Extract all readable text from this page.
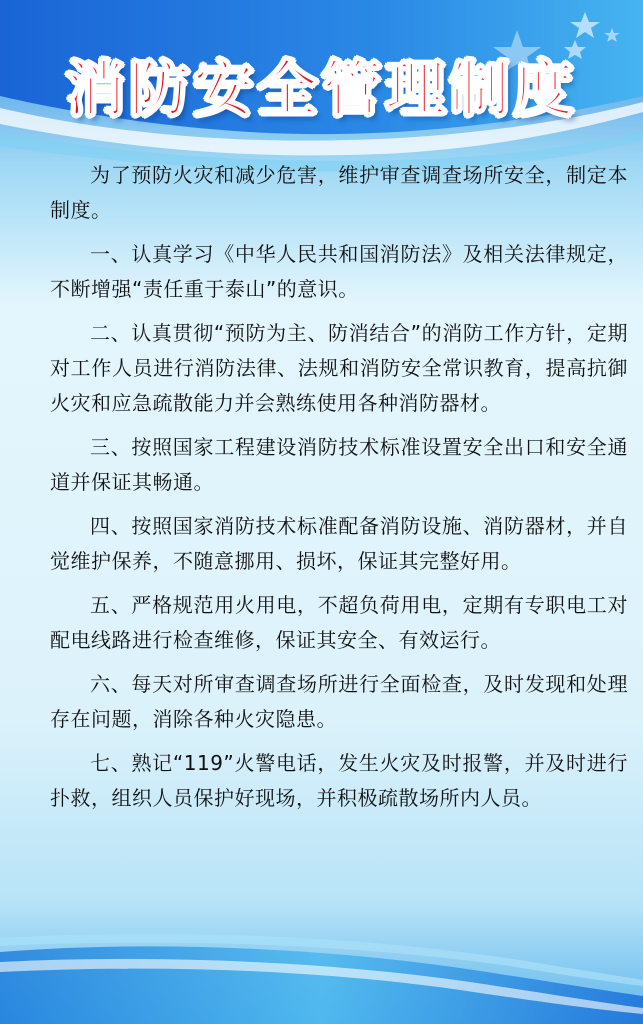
消防安全管理制度

为了预防火灾和减少危害，维护审查调查场所安全，制定本制度。

一、认真学习《中华人民共和国消防法》及相关法律规定，不断增强“责任重于泰山”的意识。

二、认真贯彻“预防为主、防消结合”的消防工作方针，定期对工作人员进行消防法律、法规和消防安全常识教育，提高抗御火灾和应急疏散能力并会熟练使用各种消防器材。

三、按照国家工程建设消防技术标准设置安全出口和安全通道并保证其畅通。

四、按照国家消防技术标准配备消防设施、消防器材，并自觉维护保养，不随意挪用、损坏，保证其完整好用。

五、严格规范用火用电，不超负荷用电，定期有专职电工对配电线路进行检查维修，保证其安全、有效运行。

六、每天对所审查调查场所进行全面检查，及时发现和处理存在问题，消除各种火灾隐患。

七、熟记“119”火警电话，发生火灾及时报警，并及时进行扑救，组织人员保护好现场，并积极疏散场所内人员。
